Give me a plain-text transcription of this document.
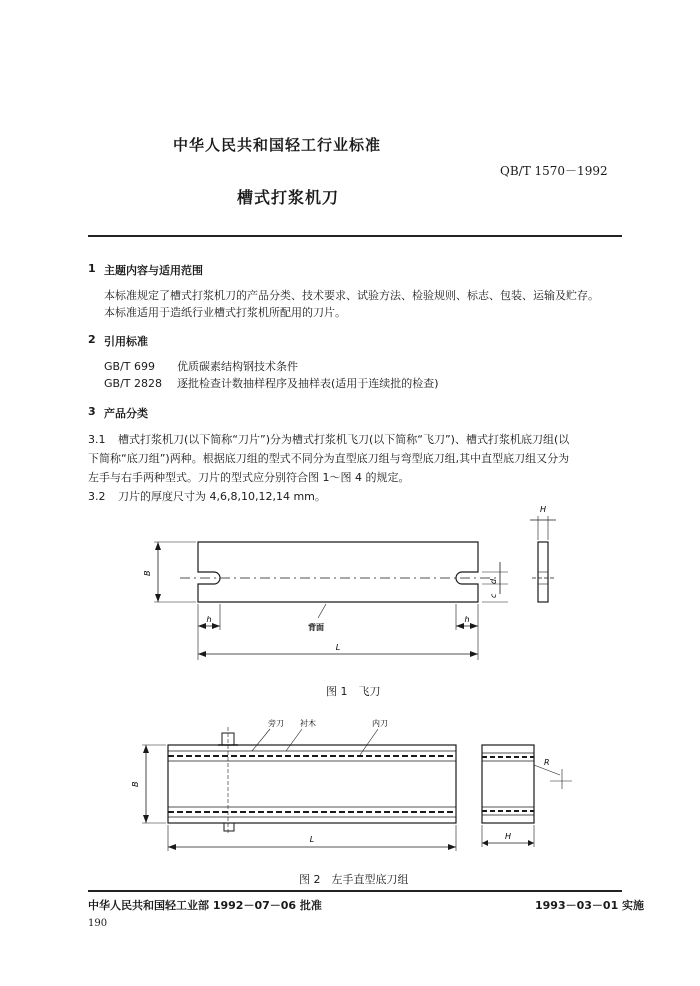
中华人民共和国轻工行业标准
QB/T 1570－1992
槽式打浆机刀
1 主题内容与适用范围
本标准规定了槽式打浆机刀的产品分类、技术要求、试验方法、检验规则、标志、包装、运输及贮存。
本标准适用于造纸行业槽式打浆机所配用的刀片。
2 引用标准
GB/T 699 优质碳素结构钢技术条件
GB/T 2828 逐批检查计数抽样程序及抽样表(适用于连续批的检查)
3 产品分类
3.1 槽式打浆机刀(以下简称“刀片”)分为槽式打浆机飞刀(以下简称“飞刀”)、槽式打浆机底刀组(以
下简称“底刀组”)两种。根据底刀组的型式不同分为直型底刀组与弯型底刀组,其中直型底刀组又分为
左手与右手两种型式。刀片的型式应分别符合图 1～图 4 的规定。
3.2 刀片的厚度尺寸为 4,6,8,10,12,14 mm。
H
B
d
c
h	h
背面
L
图 1　飞刀
旁刀 衬木	内刀
B
L
R
H
图 2　左手直型底刀组
中华人民共和国轻工业部 1992－07－06 批准	1993－03－01 实施
190
